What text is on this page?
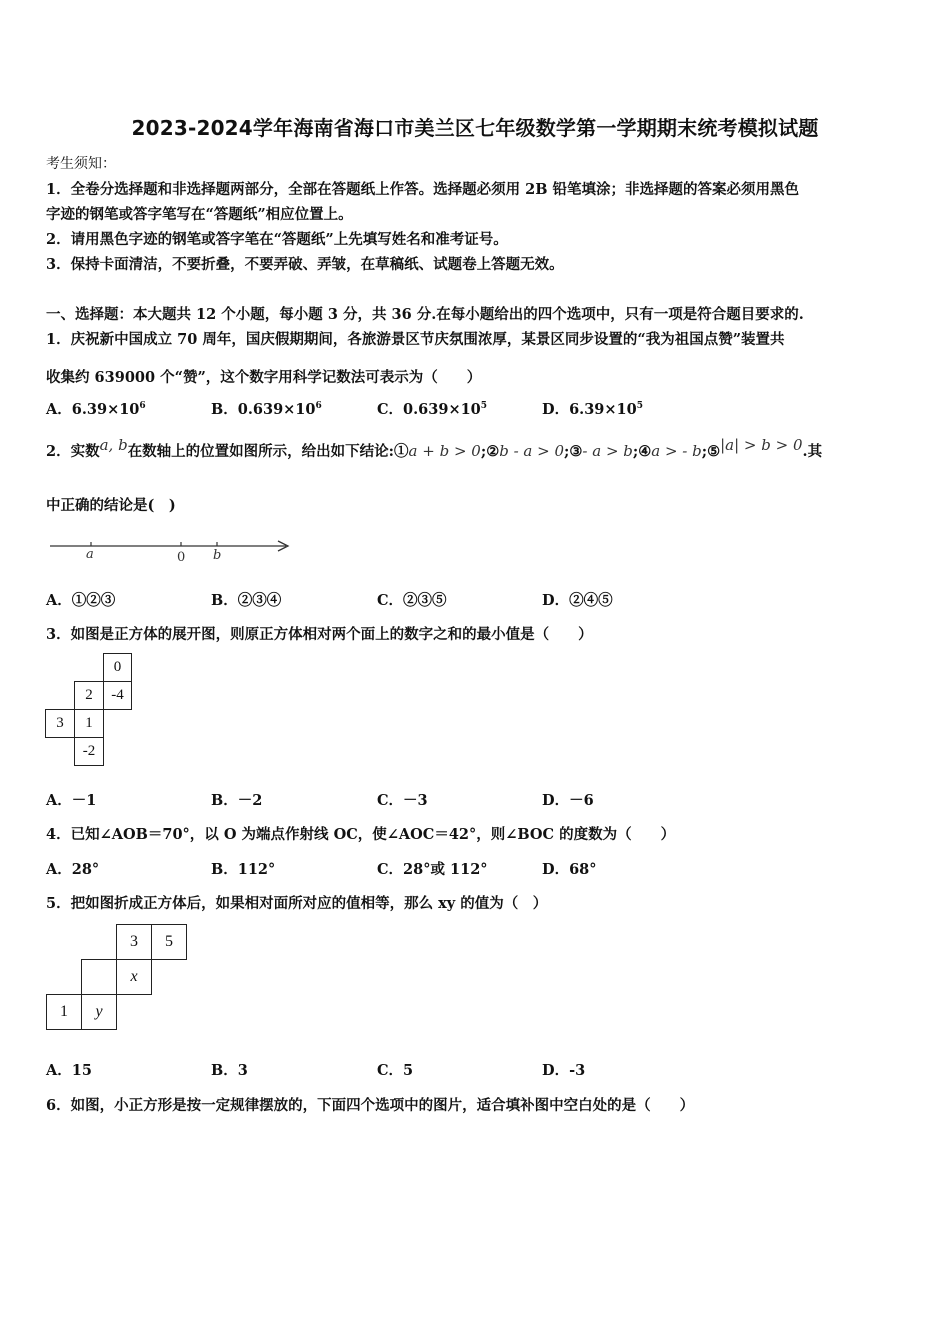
2023-2024学年海南省海口市美兰区七年级数学第一学期期末统考模拟试题
考生须知：
1．全卷分选择题和非选择题两部分，全部在答题纸上作答。选择题必须用 2B 铅笔填涂；非选择题的答案必须用黑色
字迹的钢笔或答字笔写在“答题纸”相应位置上。
2．请用黑色字迹的钢笔或答字笔在“答题纸”上先填写姓名和准考证号。
3．保持卡面清洁，不要折叠，不要弄破、弄皱，在草稿纸、试题卷上答题无效。
一、选择题：本大题共 12 个小题，每小题 3 分，共 36 分.在每小题给出的四个选项中，只有一项是符合题目要求的.
1．庆祝新中国成立 70 周年，国庆假期期间，各旅游景区节庆氛围浓厚，某景区同步设置的“我为祖国点赞”装置共
收集约 639000 个“赞”，这个数字用科学记数法可表示为（　　）
A．$6.39\times 10^6$	B．$0.639\times 10^6$	C．$0.639\times 10^5$	D．$6.39\times 10^5$
2．实数a, b在数轴上的位置如图所示，给出如下结论:①a + b > 0;②b - a > 0;③- a > b;④a > - b;⑤|a| > b > 0.其
中正确的结论是(　)
a	0 b
A．①②③	B．②③④	C．②③⑤	D．②④⑤
3．如图是正方体的展开图，则原正方体相对两个面上的数字之和的最小值是（　　）
0
2	-4
3	1
-2
A．－1	B．－2	C．－3	D．－6
4．已知∠AOB＝70°，以 O 为端点作射线 OC，使∠AOC＝42°，则∠BOC 的度数为（　　）
A．28°	B．112°	C．28°或 112°	D．68°
5．把如图折成正方体后，如果相对面所对应的值相等，那么 xy 的值为（　）
3	5
x
1	y
A．15	B．3	C．5	D．-3
6．如图，小正方形是按一定规律摆放的，下面四个选项中的图片，适合填补图中空白处的是（　　）
